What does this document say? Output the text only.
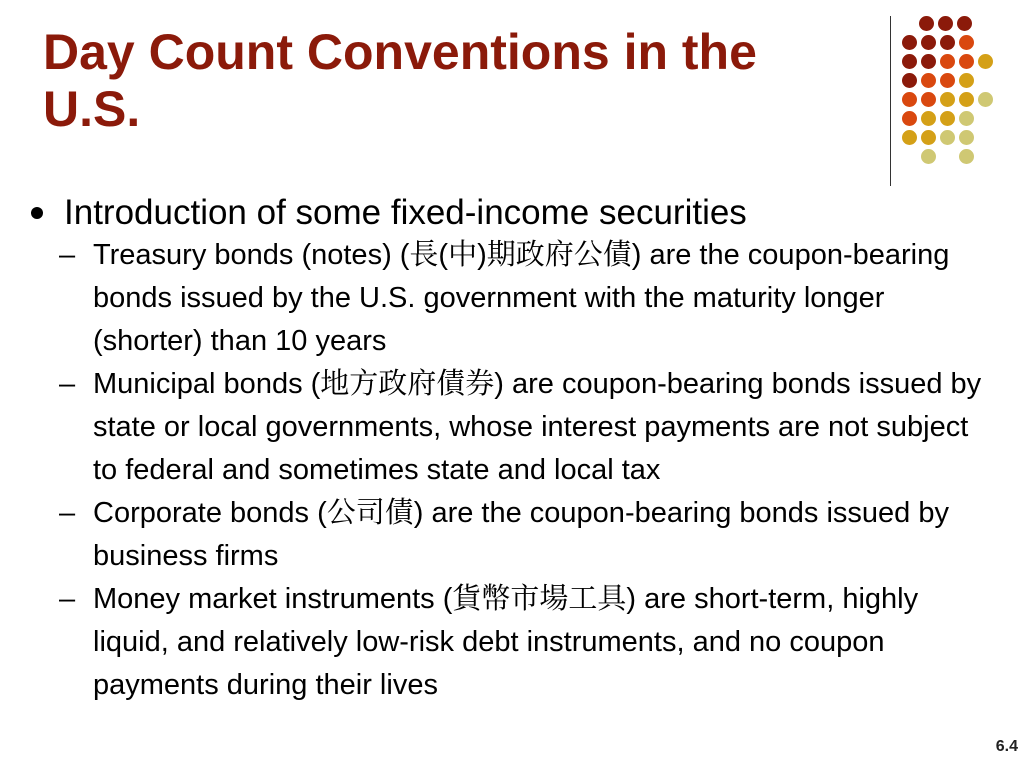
Day Count Conventions in the U.S.
Introduction of some fixed-income securities
– Treasury bonds (notes) (長(中)期政府公債) are the coupon-bearing bonds issued by the U.S. government with the maturity longer (shorter) than 10 years
– Municipal bonds (地方政府債券) are coupon-bearing bonds issued by state or local governments, whose interest payments are not subject to federal and sometimes state and local tax
– Corporate bonds (公司債) are the coupon-bearing bonds issued by business firms
– Money market instruments (貨幣市場工具) are short-term, highly liquid, and relatively low-risk debt instruments, and no coupon payments during their lives
6.4
